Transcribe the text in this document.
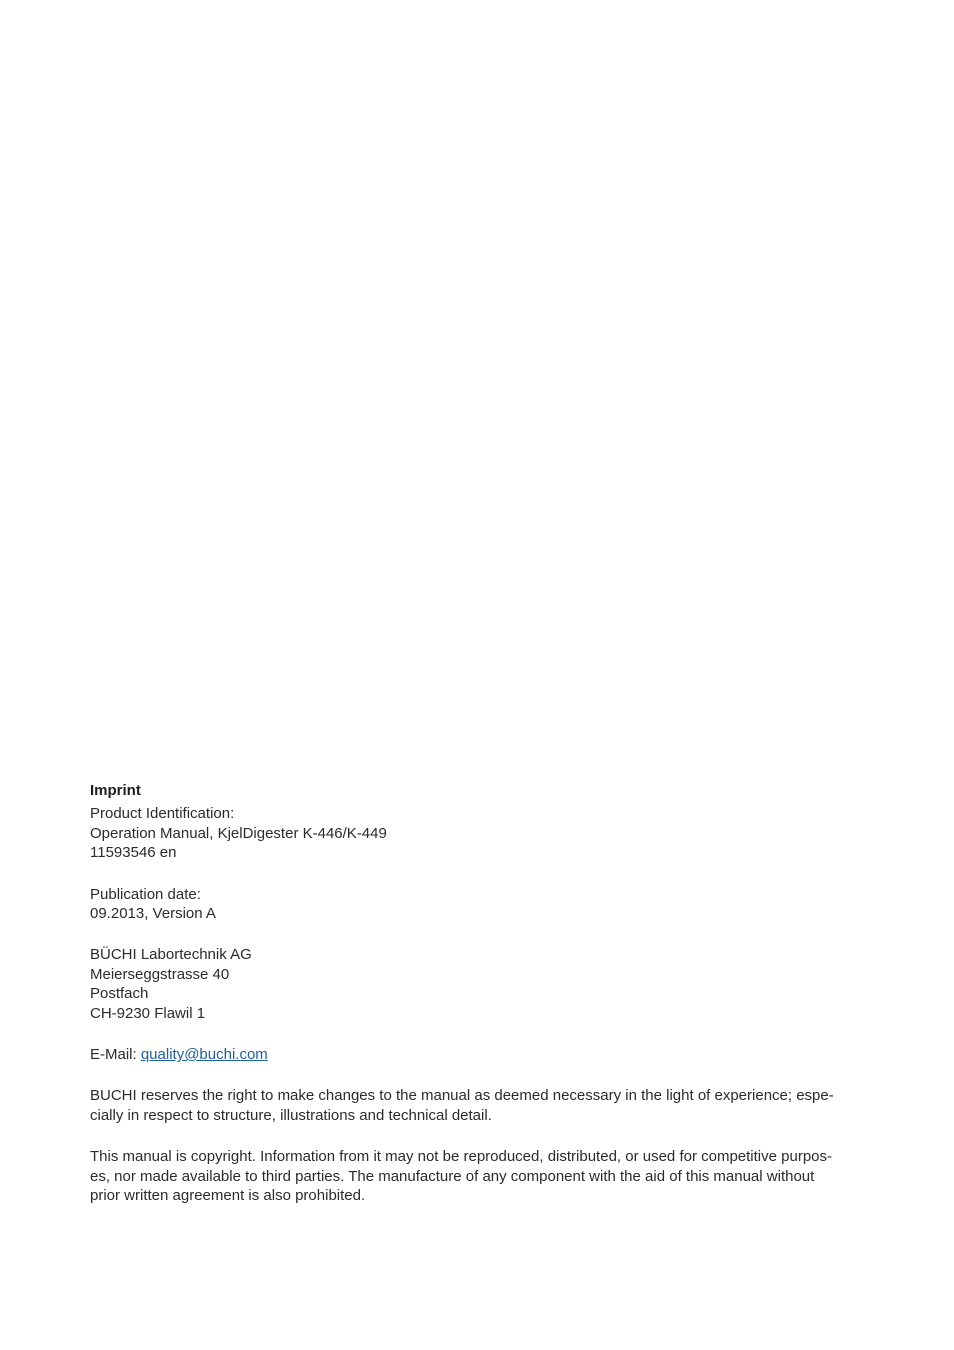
Imprint

Product Identification:
Operation Manual, KjelDigester K-446/K-449
11593546 en

Publication date:
09.2013, Version A

BÜCHI Labortechnik AG
Meierseggstrasse 40
Postfach
CH-9230 Flawil 1

E-Mail: quality@buchi.com

BUCHI reserves the right to make changes to the manual as deemed necessary in the light of experience; espe-
cially in respect to structure, illustrations and technical detail.

This manual is copyright. Information from it may not be reproduced, distributed, or used for competitive purpos-
es, nor made available to third parties. The manufacture of any component with the aid of this manual without
prior written agreement is also prohibited.
